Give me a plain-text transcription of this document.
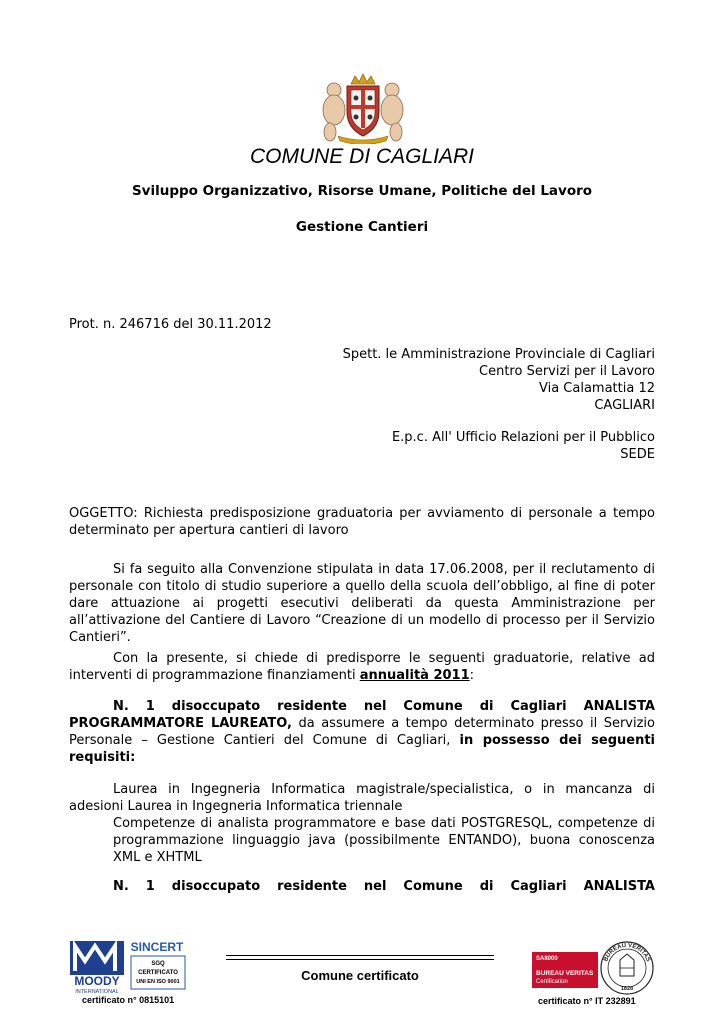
COMUNE DI CAGLIARI
Sviluppo Organizzativo, Risorse Umane, Politiche del Lavoro
Gestione Cantieri
Prot. n. 246716 del 30.11.2012
Spett. le Amministrazione Provinciale di Cagliari
Centro Servizi per il Lavoro
Via Calamattia 12
CAGLIARI
E.p.c. All' Ufficio Relazioni per il Pubblico
SEDE
OGGETTO: Richiesta predisposizione graduatoria per avviamento di personale a tempo determinato per apertura cantieri di lavoro
Si fa seguito alla Convenzione stipulata in data 17.06.2008, per il reclutamento di personale con titolo di studio superiore a quello della scuola dell’obbligo, al fine di poter dare attuazione ai progetti esecutivi deliberati da questa Amministrazione per all’attivazione del Cantiere di Lavoro “Creazione di un modello di processo per il Servizio Cantieri”.
Con la presente, si chiede di predisporre le seguenti graduatorie, relative ad interventi di programmazione finanziamenti annualità 2011:
N. 1 disoccupato residente nel Comune di Cagliari ANALISTA PROGRAMMATORE LAUREATO, da assumere a tempo determinato presso il Servizio Personale – Gestione Cantieri del Comune di Cagliari, in possesso dei seguenti requisiti:
Laurea in Ingegneria Informatica magistrale/specialistica, o in mancanza di adesioni Laurea in Ingegneria Informatica triennale
Competenze di analista programmatore e base dati POSTGRESQL, competenze di programmazione linguaggio java (possibilmente ENTANDO), buona conoscenza XML e XHTML
N. 1 disoccupato residente nel Comune di Cagliari ANALISTA
MOODY
INTERNATIONAL
SINCERT
SGQ
CERTIFICATO
UNI EN ISO 9001
certificato n° 0815101
Comune certificato
SA8000
BUREAU VERITAS
Certification
BUREAU VERITAS
1828
certificato n° IT 232891
